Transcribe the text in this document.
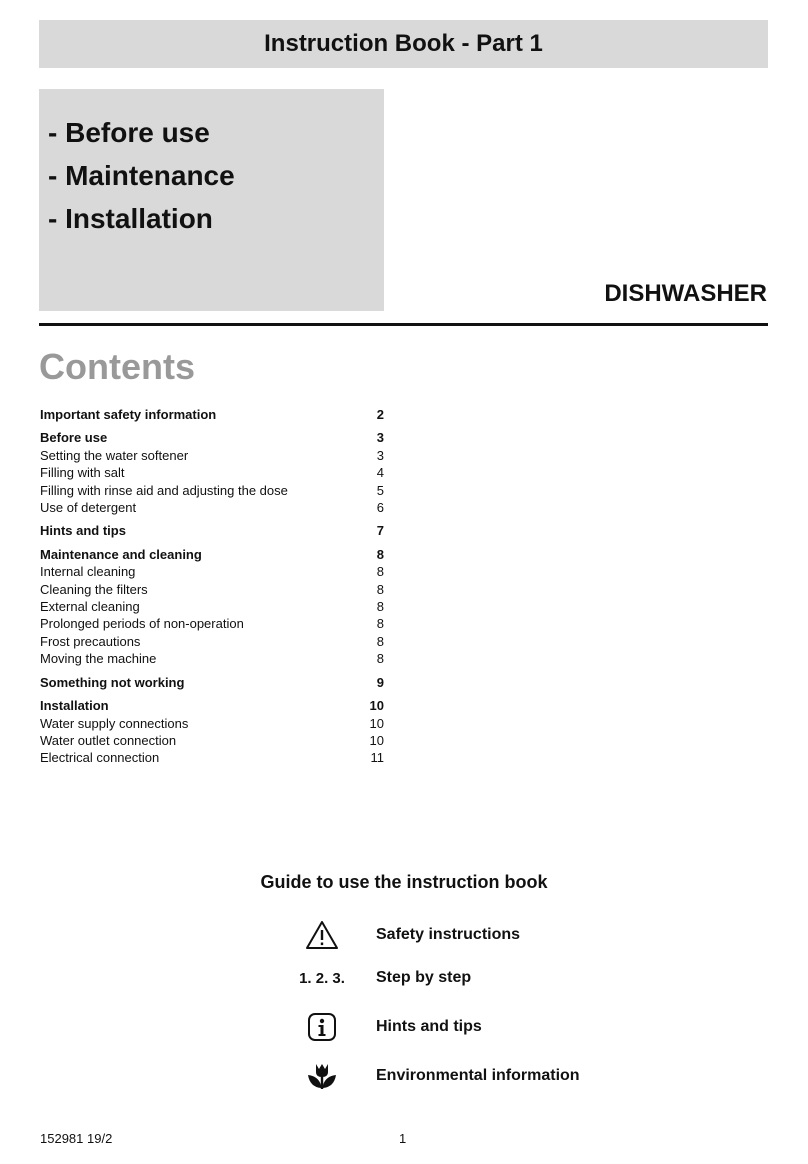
Instruction Book - Part 1
- Before use
- Maintenance
- Installation
DISHWASHER
Contents
Important safety information	2
Before use	3
Setting the water softener	3
Filling with salt	4
Filling with rinse aid and adjusting the dose	5
Use of detergent	6
Hints and tips	7
Maintenance and cleaning	8
Internal cleaning	8
Cleaning the filters	8
External cleaning	8
Prolonged periods of non-operation	8
Frost precautions	8
Moving the machine	8
Something not working	9
Installation	10
Water supply connections	10
Water outlet connection	10
Electrical connection	11
Guide to use the instruction book
Safety instructions
1. 2. 3.	Step by step
Hints and tips
Environmental information
152981 19/2	1
